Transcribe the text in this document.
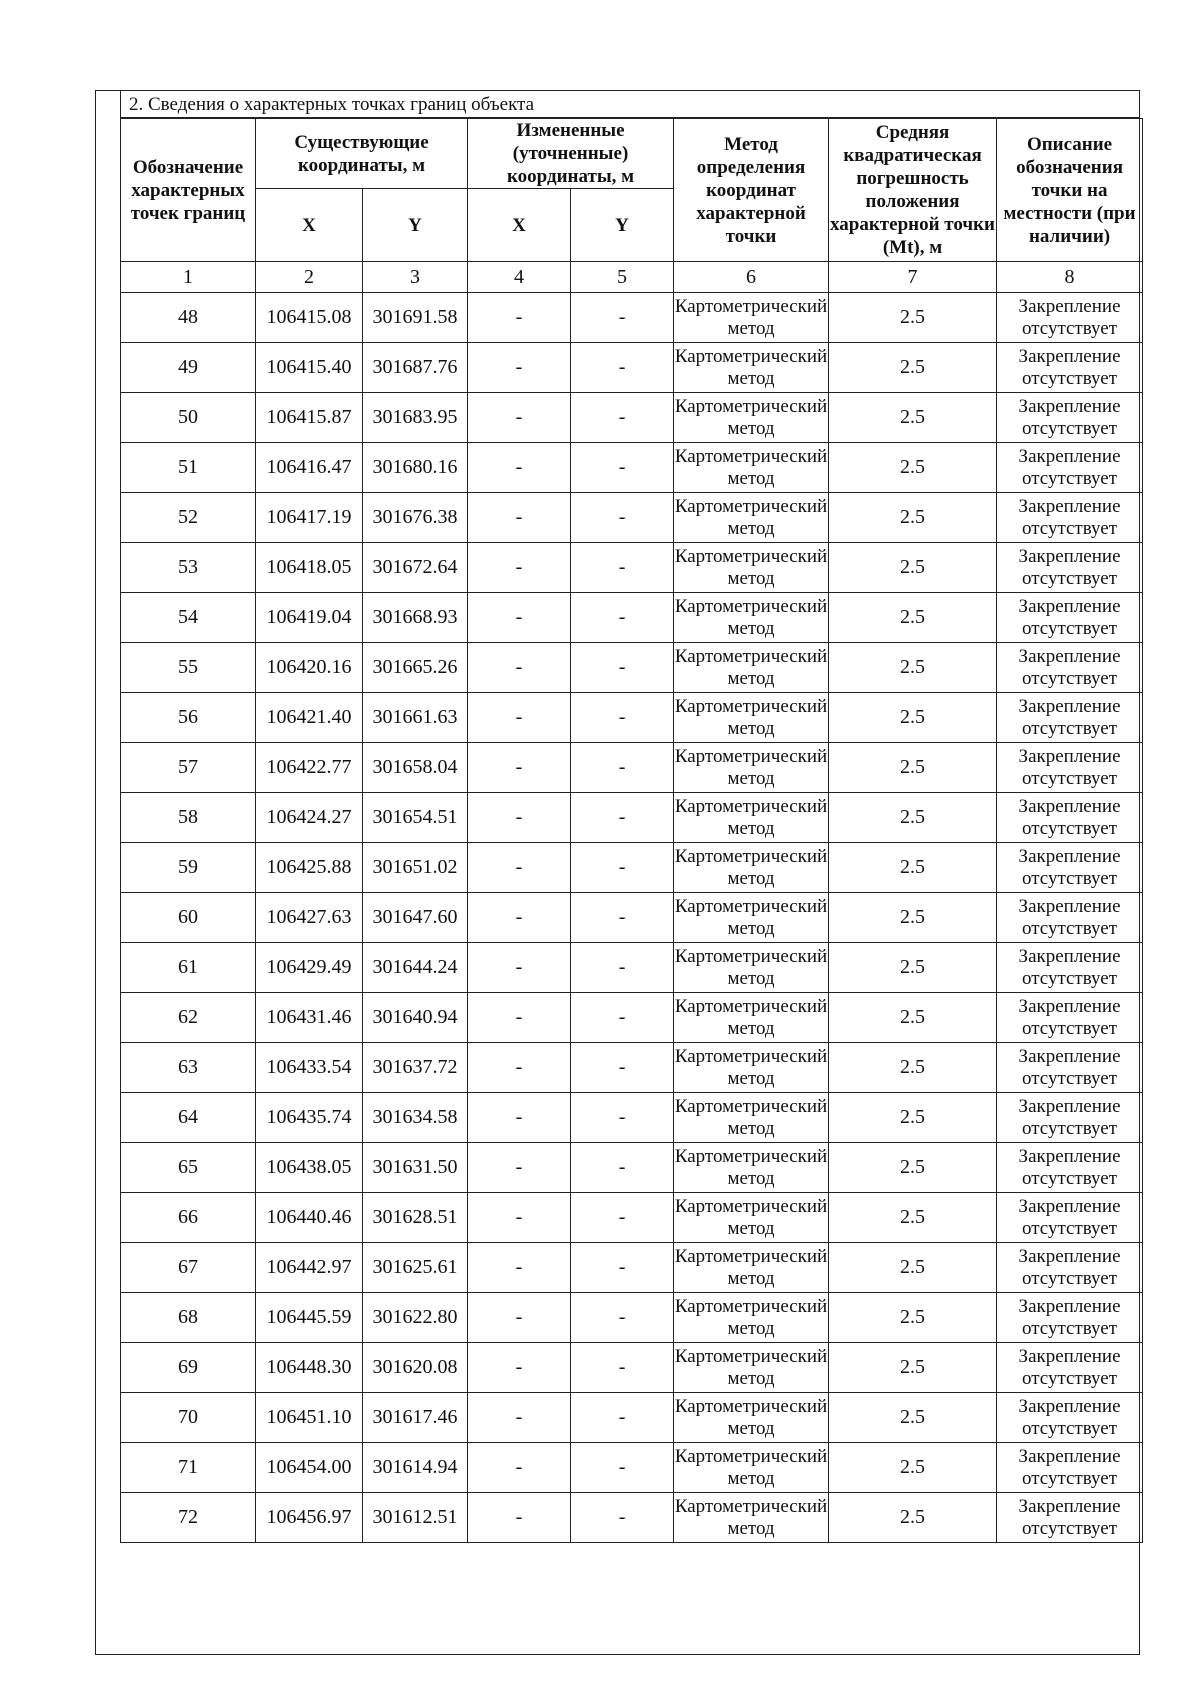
2. Сведения о характерных точках границ объекта
Обозначение характерных точек границ	Существующие координаты, м		Измененные (уточненные) координаты, м		Метод определения координат характерной точки	Средняя квадратическая погрешность положения характерной точки (Mt), м	Описание обозначения точки на местности (при наличии)
	X	Y	X	Y			
1	2	3	4	5	6	7	8
48	106415.08	301691.58	-	-	Картометрический метод	2.5	Закрепление отсутствует
49	106415.40	301687.76	-	-	Картометрический метод	2.5	Закрепление отсутствует
50	106415.87	301683.95	-	-	Картометрический метод	2.5	Закрепление отсутствует
51	106416.47	301680.16	-	-	Картометрический метод	2.5	Закрепление отсутствует
52	106417.19	301676.38	-	-	Картометрический метод	2.5	Закрепление отсутствует
53	106418.05	301672.64	-	-	Картометрический метод	2.5	Закрепление отсутствует
54	106419.04	301668.93	-	-	Картометрический метод	2.5	Закрепление отсутствует
55	106420.16	301665.26	-	-	Картометрический метод	2.5	Закрепление отсутствует
56	106421.40	301661.63	-	-	Картометрический метод	2.5	Закрепление отсутствует
57	106422.77	301658.04	-	-	Картометрический метод	2.5	Закрепление отсутствует
58	106424.27	301654.51	-	-	Картометрический метод	2.5	Закрепление отсутствует
59	106425.88	301651.02	-	-	Картометрический метод	2.5	Закрепление отсутствует
60	106427.63	301647.60	-	-	Картометрический метод	2.5	Закрепление отсутствует
61	106429.49	301644.24	-	-	Картометрический метод	2.5	Закрепление отсутствует
62	106431.46	301640.94	-	-	Картометрический метод	2.5	Закрепление отсутствует
63	106433.54	301637.72	-	-	Картометрический метод	2.5	Закрепление отсутствует
64	106435.74	301634.58	-	-	Картометрический метод	2.5	Закрепление отсутствует
65	106438.05	301631.50	-	-	Картометрический метод	2.5	Закрепление отсутствует
66	106440.46	301628.51	-	-	Картометрический метод	2.5	Закрепление отсутствует
67	106442.97	301625.61	-	-	Картометрический метод	2.5	Закрепление отсутствует
68	106445.59	301622.80	-	-	Картометрический метод	2.5	Закрепление отсутствует
69	106448.30	301620.08	-	-	Картометрический метод	2.5	Закрепление отсутствует
70	106451.10	301617.46	-	-	Картометрический метод	2.5	Закрепление отсутствует
71	106454.00	301614.94	-	-	Картометрический метод	2.5	Закрепление отсутствует
72	106456.97	301612.51	-	-	Картометрический метод	2.5	Закрепление отсутствует
